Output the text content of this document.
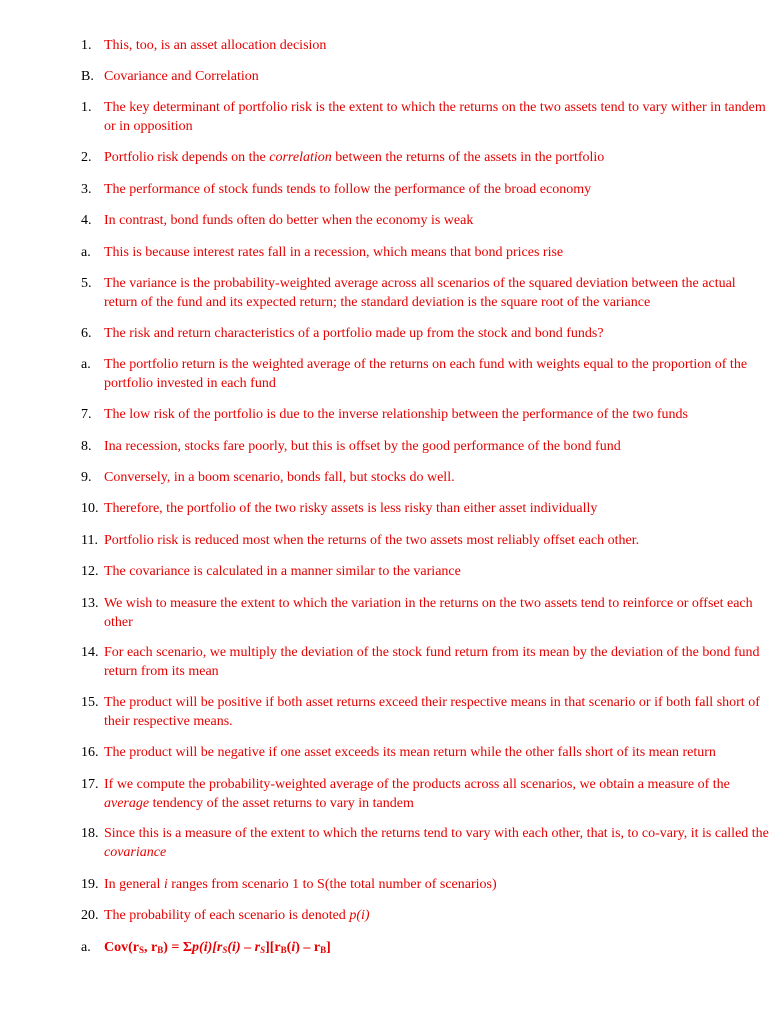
1. This, too, is an asset allocation decision
B. Covariance and Correlation
1. The key determinant of portfolio risk is the extent to which the returns on the two assets tend to vary wither in tandem or in opposition
2. Portfolio risk depends on the correlation between the returns of the assets in the portfolio
3. The performance of stock funds tends to follow the performance of the broad economy
4. In contrast, bond funds often do better when the economy is weak
a. This is because interest rates fall in a recession, which means that bond prices rise
5. The variance is the probability-weighted average across all scenarios of the squared deviation between the actual return of the fund and its expected return; the standard deviation is the square root of the variance
6. The risk and return characteristics of a portfolio made up from the stock and bond funds?
a. The portfolio return is the weighted average of the returns on each fund with weights equal to the proportion of the portfolio invested in each fund
7. The low risk of the portfolio is due to the inverse relationship between the performance of the two funds
8. Ina recession, stocks fare poorly, but this is offset by the good performance of the bond fund
9. Conversely, in a boom scenario, bonds fall, but stocks do well.
10. Therefore, the portfolio of the two risky assets is less risky than either asset individually
11. Portfolio risk is reduced most when the returns of the two assets most reliably offset each other.
12. The covariance is calculated in a manner similar to the variance
13. We wish to measure the extent to which the variation in the returns on the two assets tend to reinforce or offset each other
14. For each scenario, we multiply the deviation of the stock fund return from its mean by the deviation of the bond fund return from its mean
15. The product will be positive if both asset returns exceed their respective means in that scenario or if both fall short of their respective means.
16. The product will be negative if one asset exceeds its mean return while the other falls short of its mean return
17. If we compute the probability-weighted average of the products across all scenarios, we obtain a measure of the average tendency of the asset returns to vary in tandem
18. Since this is a measure of the extent to which the returns tend to vary with each other, that is, to co-vary, it is called the covariance
19. In general i ranges from scenario 1 to S(the total number of scenarios)
20. The probability of each scenario is denoted p(i)
a. $Cov(r_S$, $r_B) = \Sigma p(i)[r_S(i) - r_S][r_B(i) - r_B]$
